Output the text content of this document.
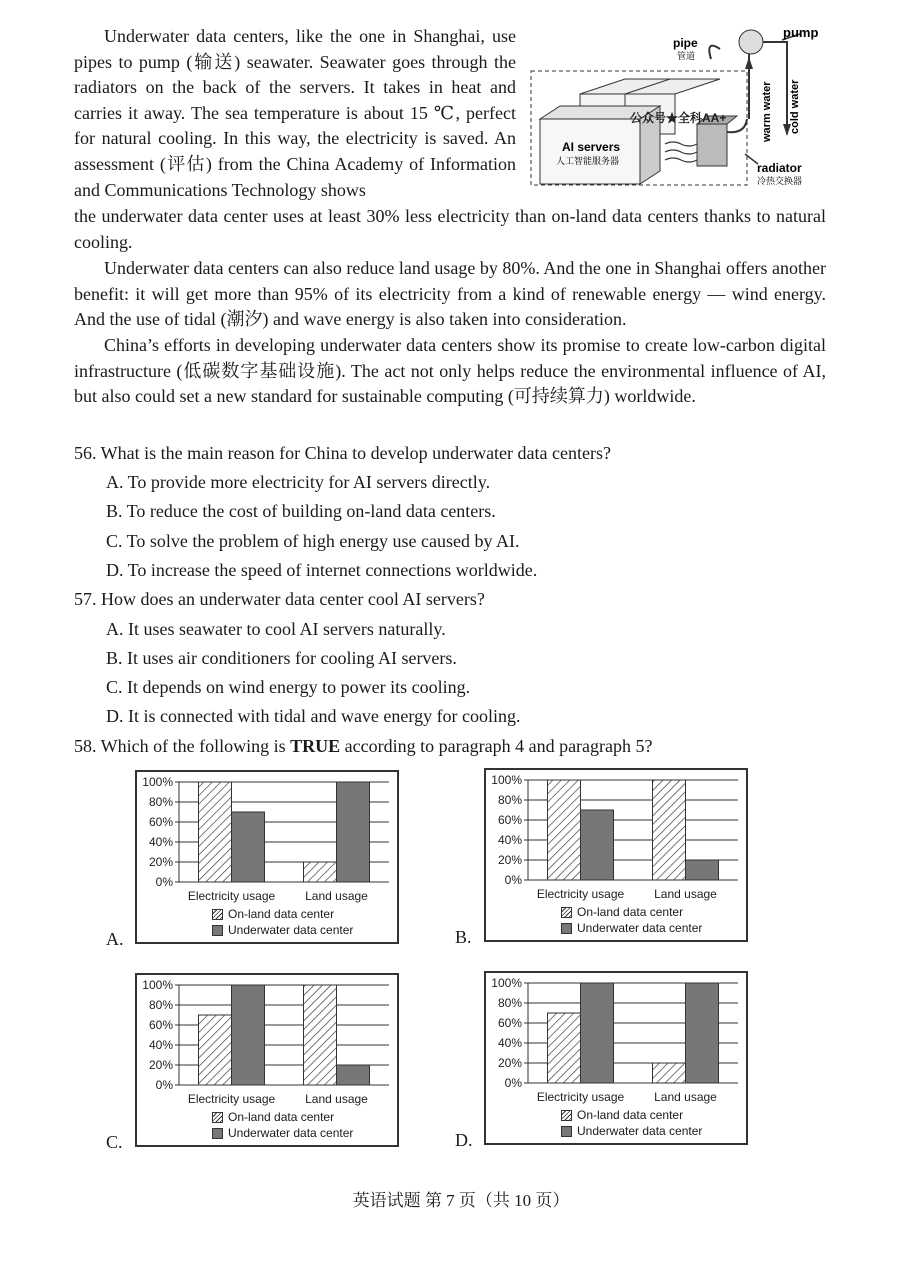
Underwater data centers, like the one in Shanghai, use pipes to pump (输送) seawater. Seawater goes through the radiators on the back of the servers. It takes in heat and carries it away. The sea temperature is about 15 ℃, perfect for natural cooling. In this way, the electricity is saved. An assessment (评估) from the China Academy of Information and Communications Technology shows

the underwater data center uses at least 30% less electricity than on-land data centers thanks to natural cooling.

Underwater data centers can also reduce land usage by 80%. And the one in Shanghai offers another benefit: it will get more than 95% of its electricity from a kind of renewable energy — wind energy. And the use of tidal (潮汐) and wave energy is also taken into consideration.

China’s efforts in developing underwater data centers show its promise to create low-carbon digital infrastructure (低碳数字基础设施). The act not only helps reduce the environmental influence of AI, but also could set a new standard for sustainable computing (可持续算力) worldwide.

pipe
管道
pump
warm water cold water
AI servers
人工智能服务器	radiator
冷热交换器
公众号★全科AA+
56. What is the main reason for China to develop underwater data centers?
A. To provide more electricity for AI servers directly.
B. To reduce the cost of building on-land data centers.
C. To solve the problem of high energy use caused by AI.
D. To increase the speed of internet connections worldwide.
57. How does an underwater data center cool AI servers?
A. It uses seawater to cool AI servers naturally.
B. It uses air conditioners for cooling AI servers.
C. It depends on wind energy to power its cooling.
D. It is connected with tidal and wave energy for cooling.
58. Which of the following is TRUE according to paragraph 4 and paragraph 5?
A.
100%
80%
60%
40%
20%
0%
Electricity usage Land usage
On-land data center
Underwater data center	B.
100%
80%
60%
40%
20%
0%
Electricity usage Land usage
On-land data center
Underwater data center
C.
100%
80%
60%
40%
20%
0%
Electricity usage Land usage
On-land data center
Underwater data center	D.
100%
80%
60%
40%
20%
0%
Electricity usage Land usage
On-land data center
Underwater data center
英语试题 第 7 页（共 10 页）
